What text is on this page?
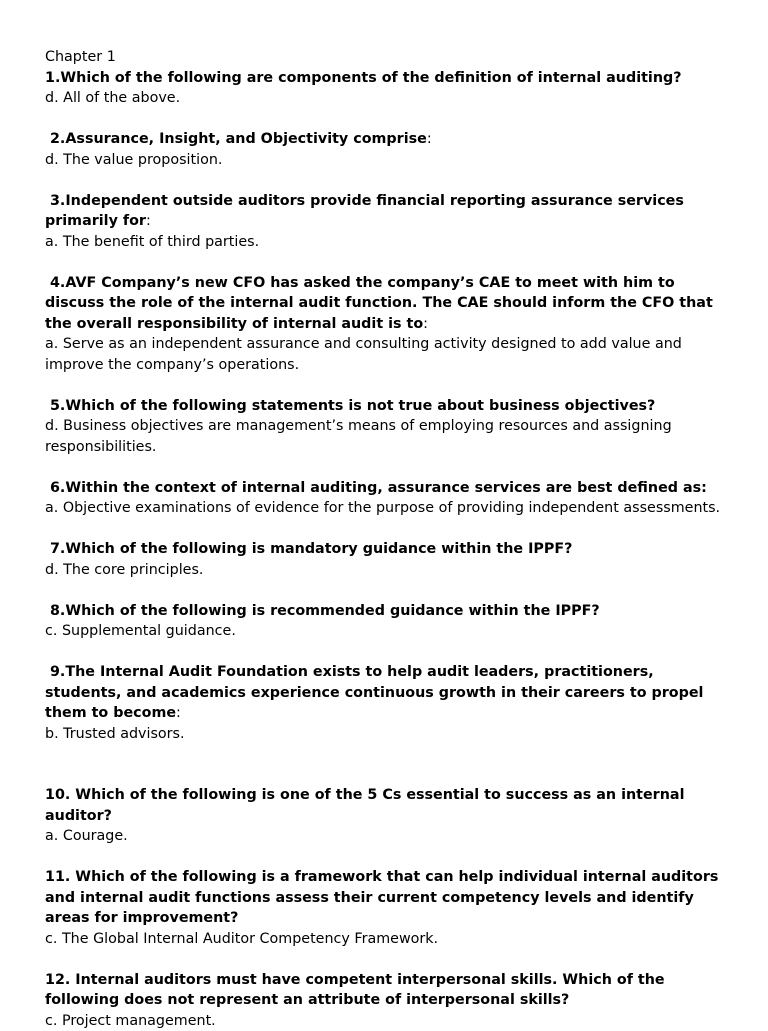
Chapter 1
1.Which of the following are components of the definition of internal auditing?
d. All of the above.
2.Assurance, Insight, and Objectivity comprise:
d. The value proposition.
3.Independent outside auditors provide financial reporting assurance services primarily for:
a. The benefit of third parties.
4.AVF Company’s new CFO has asked the company’s CAE to meet with him to discuss the role of the internal audit function. The CAE should inform the CFO that the overall responsibility of internal audit is to:
a. Serve as an independent assurance and consulting activity designed to add value and improve the company’s operations.
5.Which of the following statements is not true about business objectives?
d. Business objectives are management’s means of employing resources and assigning responsibilities.
6.Within the context of internal auditing, assurance services are best defined as:
a. Objective examinations of evidence for the purpose of providing independent assessments.
7.Which of the following is mandatory guidance within the IPPF?
d. The core principles.
8.Which of the following is recommended guidance within the IPPF?
c. Supplemental guidance.
9.The Internal Audit Foundation exists to help audit leaders, practitioners, students, and academics experience continuous growth in their careers to propel them to become:
b. Trusted advisors.
10. Which of the following is one of the 5 Cs essential to success as an internal auditor?
a. Courage.
11. Which of the following is a framework that can help individual internal auditors and internal audit functions assess their current competency levels and identify areas for improvement?
c. The Global Internal Auditor Competency Framework.
12. Internal auditors must have competent interpersonal skills. Which of the following does not represent an attribute of interpersonal skills?
c. Project management.
